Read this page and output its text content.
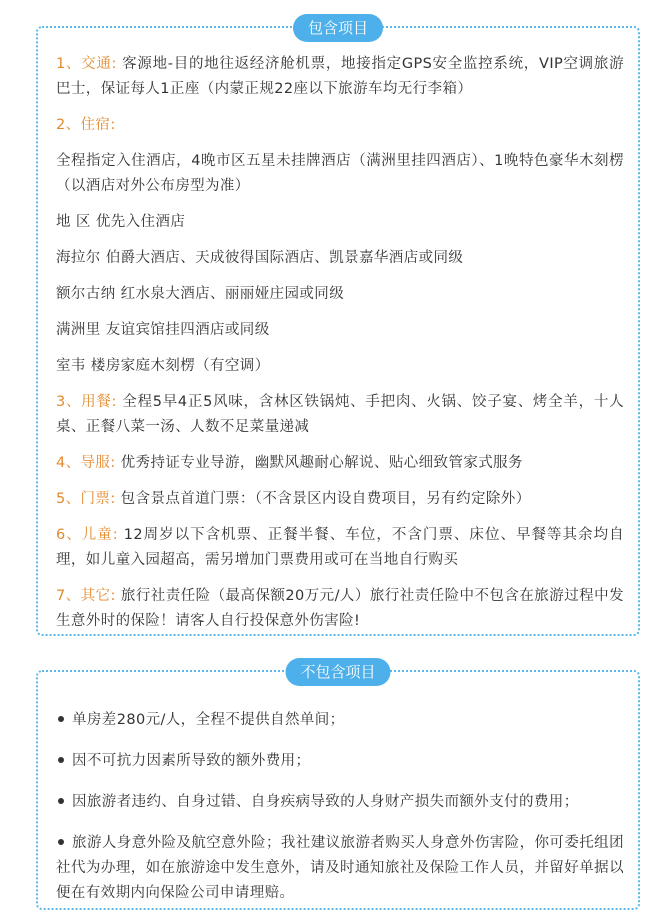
包含项目

1、交通: 客源地-目的地往返经济舱机票，地接指定GPS安全监控系统，VIP空调旅游巴士，保证每人1正座（内蒙正规22座以下旅游车均无行李箱）

2、住宿:

全程指定入住酒店，4晚市区五星未挂牌酒店（满洲里挂四酒店）、1晚特色豪华木刻楞（以酒店对外公布房型为准）

地 区 优先入住酒店

海拉尔 伯爵大酒店、天成彼得国际酒店、凯景嘉华酒店或同级

额尔古纳 红水泉大酒店、丽丽娅庄园或同级

满洲里 友谊宾馆挂四酒店或同级

室韦 楼房家庭木刻楞（有空调）

3、用餐: 全程5早4正5风味，含林区铁锅炖、手把肉、火锅、饺子宴、烤全羊，十人桌、正餐八菜一汤、人数不足菜量递减

4、导服: 优秀持证专业导游，幽默风趣耐心解说、贴心细致管家式服务

5、门票: 包含景点首道门票：（不含景区内设自费项目，另有约定除外）

6、儿童: 12周岁以下含机票、正餐半餐、车位，不含门票、床位、早餐等其余均自理，如儿童入园超高，需另增加门票费用或可在当地自行购买

7、其它: 旅行社责任险（最高保额20万元/人）旅行社责任险中不包含在旅游过程中发生意外时的保险！请客人自行投保意外伤害险!

不包含项目

单房差280元/人，全程不提供自然单间；

因不可抗力因素所导致的额外费用；

因旅游者违约、自身过错、自身疾病导致的人身财产损失而额外支付的费用；

旅游人身意外险及航空意外险；我社建议旅游者购买人身意外伤害险，你可委托组团社代为办理，如在旅游途中发生意外，请及时通知旅社及保险工作人员，并留好单据以便在有效期内向保险公司申请理赔。
